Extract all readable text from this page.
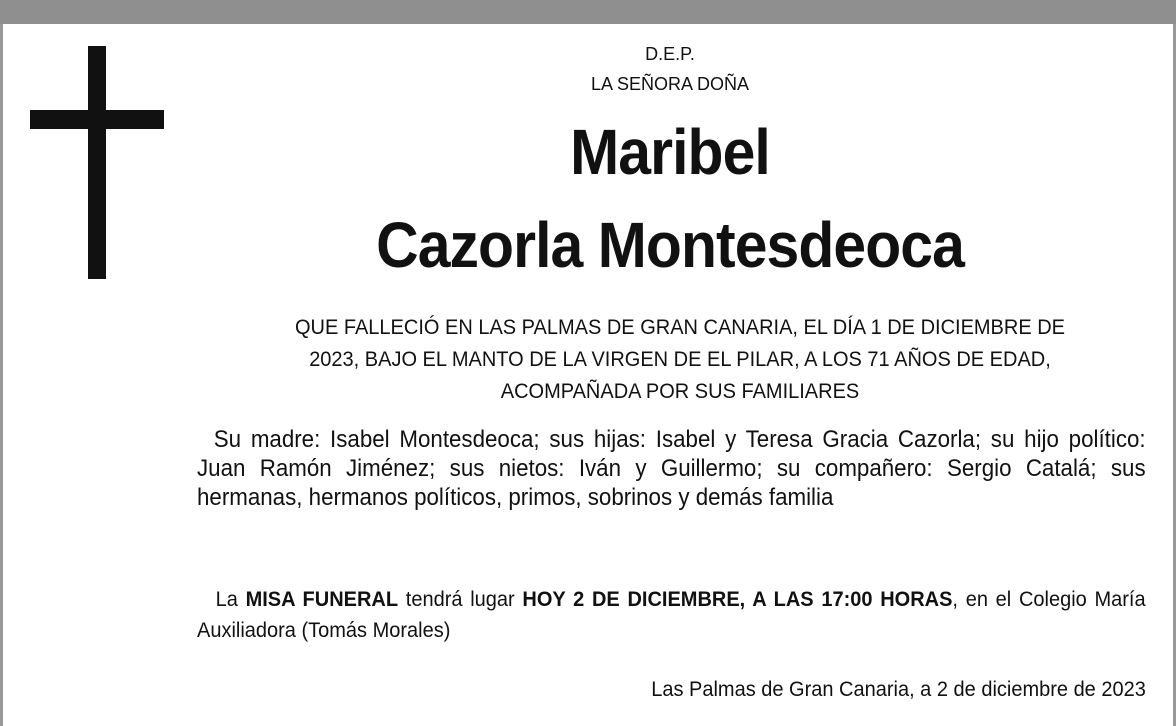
D.E.P.
LA SEÑORA DOÑA
Maribel
Cazorla Montesdeoca
QUE FALLECIÓ EN LAS PALMAS DE GRAN CANARIA, EL DÍA 1 DE DICIEMBRE DE
2023, BAJO EL MANTO DE LA VIRGEN DE EL PILAR, A LOS 71 AÑOS DE EDAD,
ACOMPAÑADA POR SUS FAMILIARES
Su madre: Isabel Montesdeoca; sus hijas: Isabel y Teresa Gracia Cazorla; su hijo político: Juan Ramón Jiménez; sus nietos: Iván y Guillermo; su compañero: Sergio Catalá; sus hermanas, hermanos políticos, primos, sobrinos y demás familia
La MISA FUNERAL tendrá lugar HOY 2 DE DICIEMBRE, A LAS 17:00 HORAS, en el Colegio María Auxiliadora (Tomás Morales)
Las Palmas de Gran Canaria, a 2 de diciembre de 2023
